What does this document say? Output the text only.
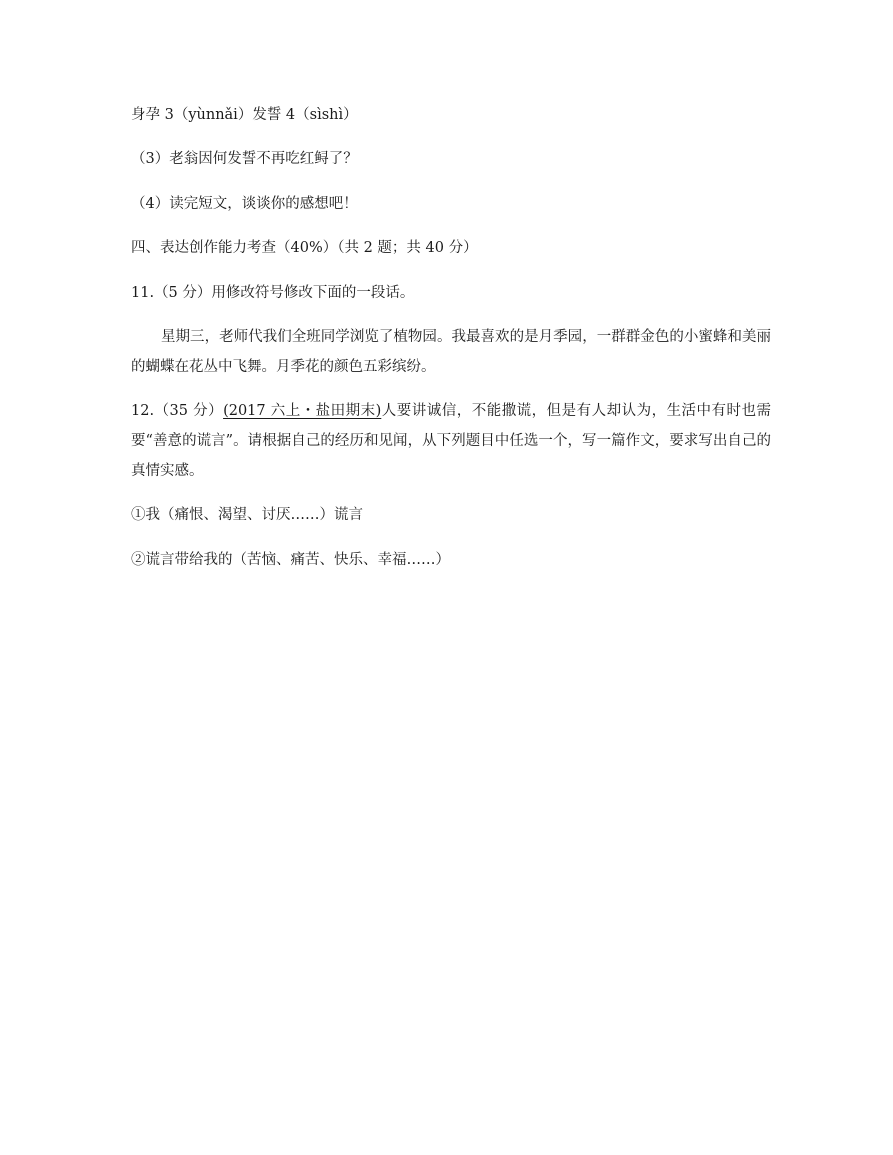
身孕 3（yùnnǎi）发誓 4（sìshì）
（3）老翁因何发誓不再吃红鲟了？
（4）读完短文，谈谈你的感想吧！
四、表达创作能力考查（40%）（共 2 题；共 40 分）
11.（5 分）用修改符号修改下面的一段话。
星期三，老师代我们全班同学浏览了植物园。我最喜欢的是月季园，一群群金色的小蜜蜂和美丽的蝴蝶在花丛中飞舞。月季花的颜色五彩缤纷。
12.（35 分）(2017 六上・盐田期末)人要讲诚信，不能撒谎，但是有人却认为，生活中有时也需要“善意的谎言”。请根据自己的经历和见闻，从下列题目中任选一个，写一篇作文，要求写出自己的真情实感。
①我（痛恨、渴望、讨厌……）谎言
②谎言带给我的（苦恼、痛苦、快乐、幸福……）
